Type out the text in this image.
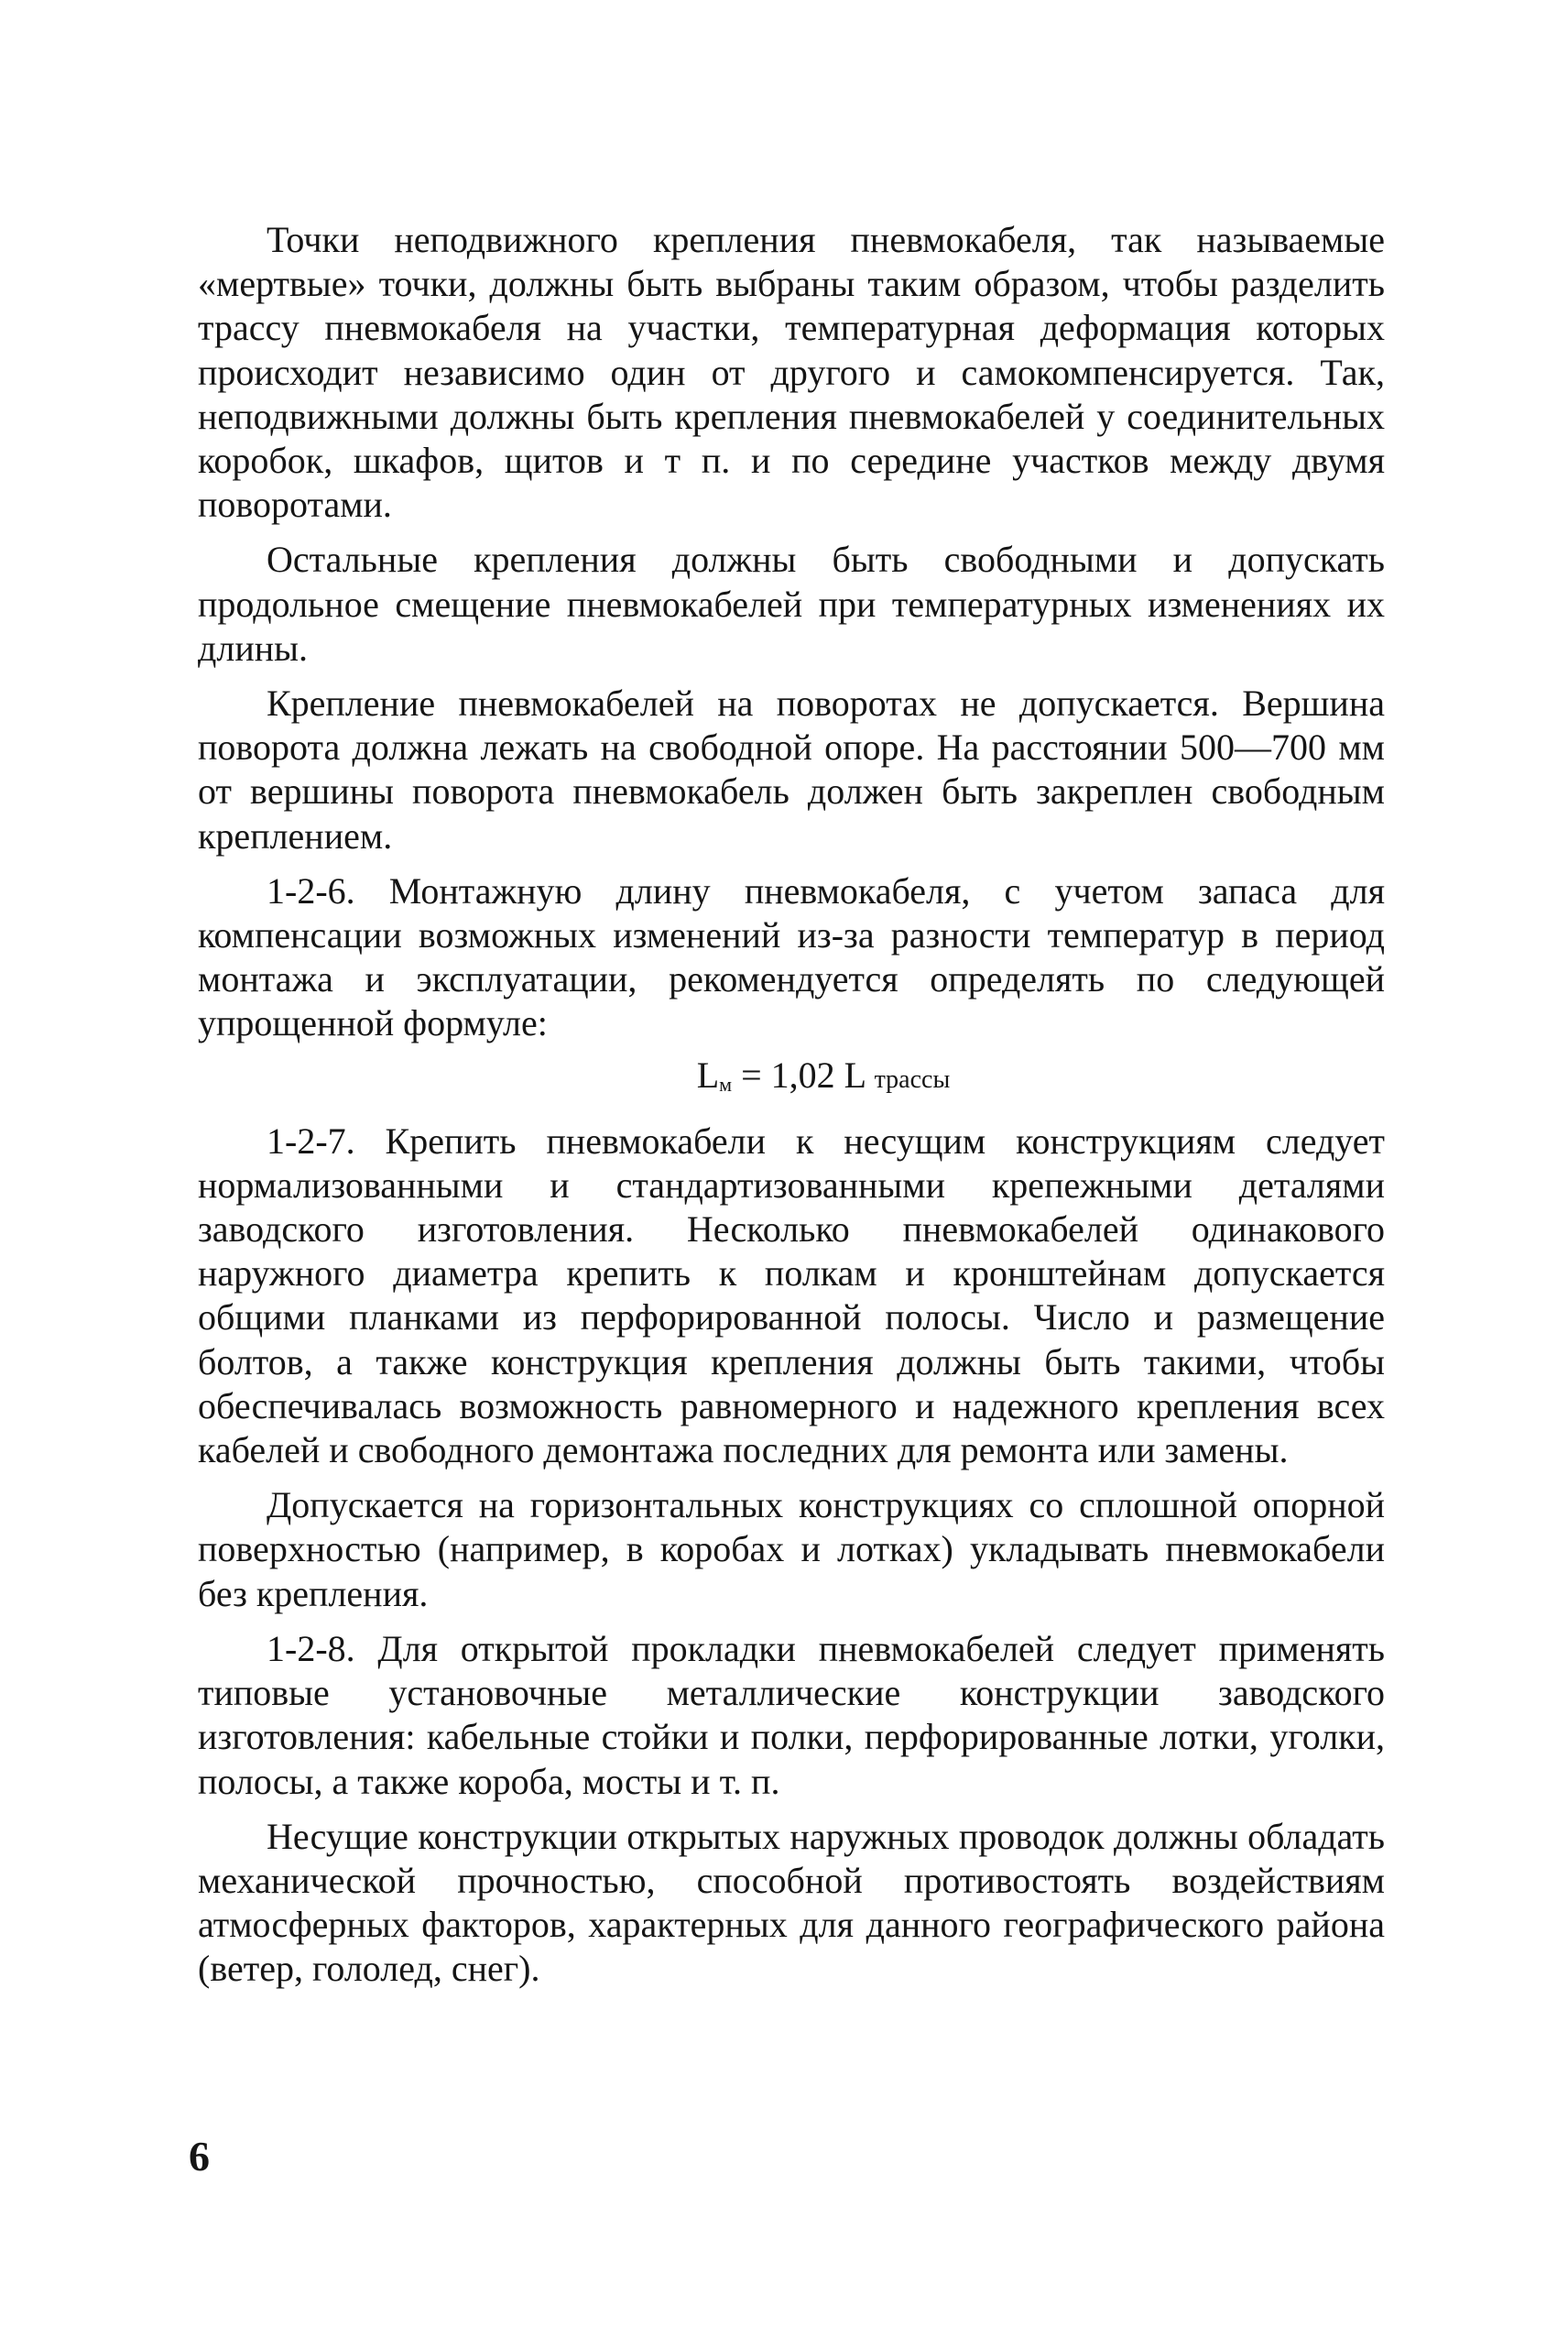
Точки неподвижного крепления пневмокабеля, так называемые «мертвые» точки, должны быть выбраны таким образом, чтобы разделить трассу пневмокабеля на участки, температурная деформация которых происходит независимо один от другого и самокомпенсируется. Так, неподвижными должны быть крепления пневмокабелей у соединительных коробок, шкафов, щитов и т п. и по середине участков между двумя поворотами.

Остальные крепления должны быть свободными и допускать продольное смещение пневмокабелей при температурных изменениях их длины.

Крепление пневмокабелей на поворотах не допускается. Вершина поворота должна лежать на свободной опоре. На расстоянии 500—700 мм от вершины поворота пневмокабель должен быть закреплен свободным креплением.

1-2-6. Монтажную длину пневмокабеля, с учетом запаса для компенсации возможных изменений из-за разности температур в период монтажа и эксплуатации, рекомендуется определять по следующей упрощенной формуле:

Lм = 1,02 L трассы

1-2-7. Крепить пневмокабели к несущим конструкциям следует нормализованными и стандартизованными крепежными деталями заводского изготовления. Несколько пневмокабелей одинакового наружного диаметра крепить к полкам и кронштейнам допускается общими планками из перфорированной полосы. Число и размещение болтов, а также конструкция крепления должны быть такими, чтобы обеспечивалась возможность равномерного и надежного крепления всех кабелей и свободного демонтажа последних для ремонта или замены.

Допускается на горизонтальных конструкциях со сплошной опорной поверхностью (например, в коробах и лотках) укладывать пневмокабели без крепления.

1-2-8. Для открытой прокладки пневмокабелей следует применять типовые установочные металлические конструкции заводского изготовления: кабельные стойки и полки, перфорированные лотки, уголки, полосы, а также короба, мосты и т. п.

Несущие конструкции открытых наружных проводок должны обладать механической прочностью, способной противостоять воздействиям атмосферных факторов, характерных для данного географического района (ветер, гололед, снег).

6
